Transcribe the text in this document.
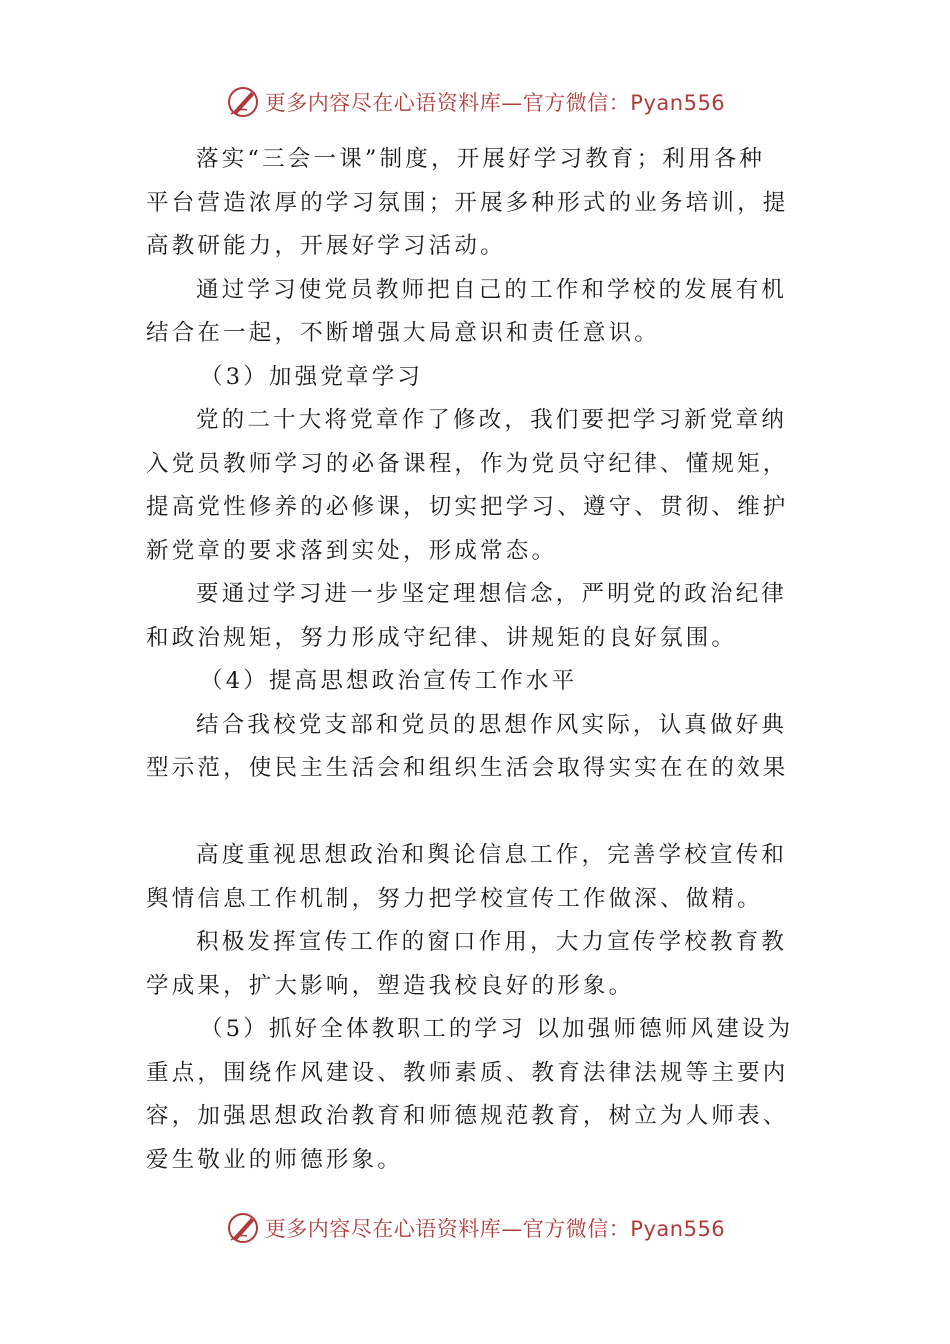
更多内容尽在心语资料库—官方微信：Pyan556
落实“三会一课”制度，开展好学习教育；利用各种
平台营造浓厚的学习氛围；开展多种形式的业务培训，提
高教研能力，开展好学习活动。
通过学习使党员教师把自己的工作和学校的发展有机
结合在一起，不断增强大局意识和责任意识。
（3）加强党章学习
党的二十大将党章作了修改，我们要把学习新党章纳
入党员教师学习的必备课程，作为党员守纪律、懂规矩，
提高党性修养的必修课，切实把学习、遵守、贯彻、维护
新党章的要求落到实处，形成常态。
要通过学习进一步坚定理想信念，严明党的政治纪律
和政治规矩，努力形成守纪律、讲规矩的良好氛围。
（4）提高思想政治宣传工作水平
结合我校党支部和党员的思想作风实际，认真做好典
型示范，使民主生活会和组织生活会取得实实在在的效果
高度重视思想政治和舆论信息工作，完善学校宣传和
舆情信息工作机制，努力把学校宣传工作做深、做精。
积极发挥宣传工作的窗口作用，大力宣传学校教育教
学成果，扩大影响，塑造我校良好的形象。
（5）抓好全体教职工的学习 以加强师德师风建设为
重点，围绕作风建设、教师素质、教育法律法规等主要内
容，加强思想政治教育和师德规范教育，树立为人师表、
爱生敬业的师德形象。
更多内容尽在心语资料库—官方微信：Pyan556
